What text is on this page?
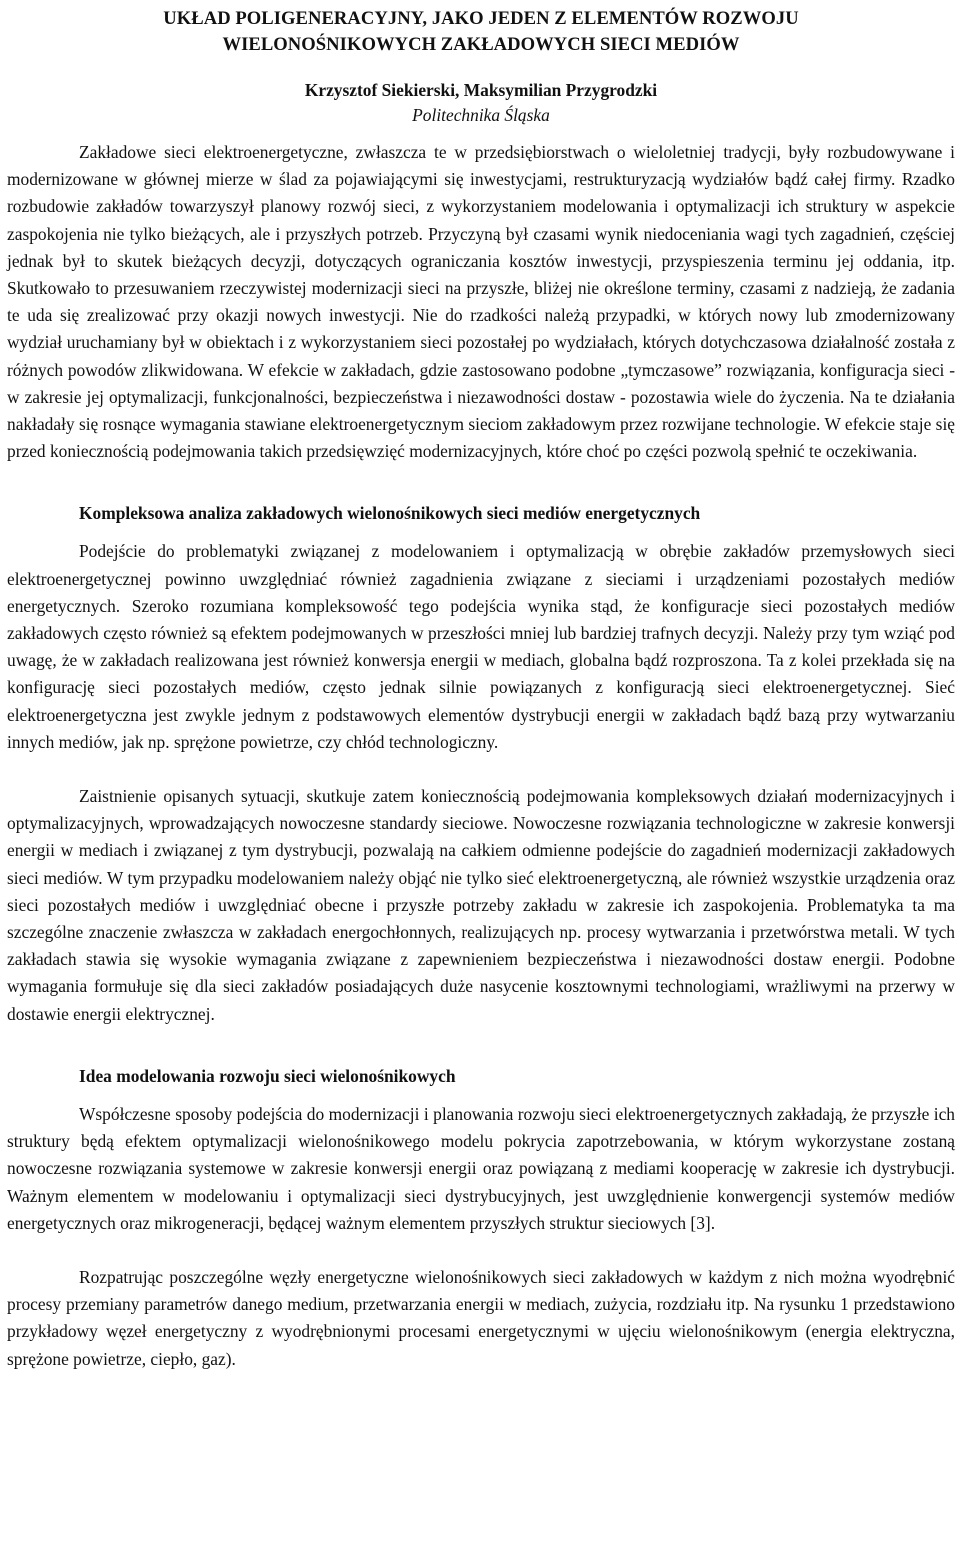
UKŁAD POLIGENERACYJNY, JAKO JEDEN Z ELEMENTÓW ROZWOJU

WIELONOŚNIKOWYCH ZAKŁADOWYCH SIECI MEDIÓW

Krzysztof Siekierski, Maksymilian Przygrodzki

Politechnika Śląska

Zakładowe sieci elektroenergetyczne, zwłaszcza te w przedsiębiorstwach o wieloletniej tradycji, były rozbudowywane i modernizowane w głównej mierze w ślad za pojawiającymi się inwestycjami, restrukturyzacją wydziałów bądź całej firmy. Rzadko rozbudowie zakładów towarzyszył planowy rozwój sieci, z wykorzystaniem modelowania i optymalizacji ich struktury w aspekcie zaspokojenia nie tylko bieżących, ale i przyszłych potrzeb. Przyczyną był czasami wynik niedoceniania wagi tych zagadnień, częściej jednak był to skutek bieżących decyzji, dotyczących ograniczania kosztów inwestycji, przyspieszenia terminu jej oddania, itp. Skutkowało to przesuwaniem rzeczywistej modernizacji sieci na przyszłe, bliżej nie określone terminy, czasami z nadzieją, że zadania te uda się zrealizować przy okazji nowych inwestycji. Nie do rzadkości należą przypadki, w których nowy lub zmodernizowany wydział uruchamiany był w obiektach i z wykorzystaniem sieci pozostałej po wydziałach, których dotychczasowa działalność została z różnych powodów zlikwidowana. W efekcie w zakładach, gdzie zastosowano podobne „tymczasowe” rozwiązania, konfiguracja sieci - w zakresie jej optymalizacji, funkcjonalności, bezpieczeństwa i niezawodności dostaw - pozostawia wiele do życzenia. Na te działania nakładały się rosnące wymagania stawiane elektroenergetycznym sieciom zakładowym przez rozwijane technologie. W efekcie staje się przed koniecznością podejmowania takich przedsięwzięć modernizacyjnych, które choć po części pozwolą spełnić te oczekiwania.

Kompleksowa analiza zakładowych wielonośnikowych sieci mediów energetycznych

Podejście do problematyki związanej z modelowaniem i optymalizacją w obrębie zakładów przemysłowych sieci elektroenergetycznej powinno uwzględniać również zagadnienia związane z sieciami i urządzeniami pozostałych mediów energetycznych. Szeroko rozumiana kompleksowość tego podejścia wynika stąd, że konfiguracje sieci pozostałych mediów zakładowych często również są efektem podejmowanych w przeszłości mniej lub bardziej trafnych decyzji. Należy przy tym wziąć pod uwagę, że w zakładach realizowana jest również konwersja energii w mediach, globalna bądź rozproszona. Ta z kolei przekłada się na konfigurację sieci pozostałych mediów, często jednak silnie powiązanych z konfiguracją sieci elektroenergetycznej. Sieć elektroenergetyczna jest zwykle jednym z podstawowych elementów dystrybucji energii w zakładach bądź bazą przy wytwarzaniu innych mediów, jak np. sprężone powietrze, czy chłód technologiczny.

Zaistnienie opisanych sytuacji, skutkuje zatem koniecznością podejmowania kompleksowych działań modernizacyjnych i optymalizacyjnych, wprowadzających nowoczesne standardy sieciowe. Nowoczesne rozwiązania technologiczne w zakresie konwersji energii w mediach i związanej z tym dystrybucji, pozwalają na całkiem odmienne podejście do zagadnień modernizacji zakładowych sieci mediów. W tym przypadku modelowaniem należy objąć nie tylko sieć elektroenergetyczną, ale również wszystkie urządzenia oraz sieci pozostałych mediów i uwzględniać obecne i przyszłe potrzeby zakładu w zakresie ich zaspokojenia. Problematyka ta ma szczególne znaczenie zwłaszcza w zakładach energochłonnych, realizujących np. procesy wytwarzania i przetwórstwa metali. W tych zakładach stawia się wysokie wymagania związane z zapewnieniem bezpieczeństwa i niezawodności dostaw energii. Podobne wymagania formułuje się dla sieci zakładów posiadających duże nasycenie kosztownymi technologiami, wrażliwymi na przerwy w dostawie energii elektrycznej.

Idea modelowania rozwoju sieci wielonośnikowych

Współczesne sposoby podejścia do modernizacji i planowania rozwoju sieci elektroenergetycznych zakładają, że przyszłe ich struktury będą efektem optymalizacji wielonośnikowego modelu pokrycia zapotrzebowania, w którym wykorzystane zostaną nowoczesne rozwiązania systemowe w zakresie konwersji energii oraz powiązaną z mediami kooperację w zakresie ich dystrybucji. Ważnym elementem w modelowaniu i optymalizacji sieci dystrybucyjnych, jest uwzględnienie konwergencji systemów mediów energetycznych oraz mikrogeneracji, będącej ważnym elementem przyszłych struktur sieciowych [3].

Rozpatrując poszczególne węzły energetyczne wielonośnikowych sieci zakładowych w każdym z nich można wyodrębnić procesy przemiany parametrów danego medium, przetwarzania energii w mediach, zużycia, rozdziału itp. Na rysunku 1 przedstawiono przykładowy węzeł energetyczny z wyodrębnionymi procesami energetycznymi w ujęciu wielonośnikowym (energia elektryczna, sprężone powietrze, ciepło, gaz).
